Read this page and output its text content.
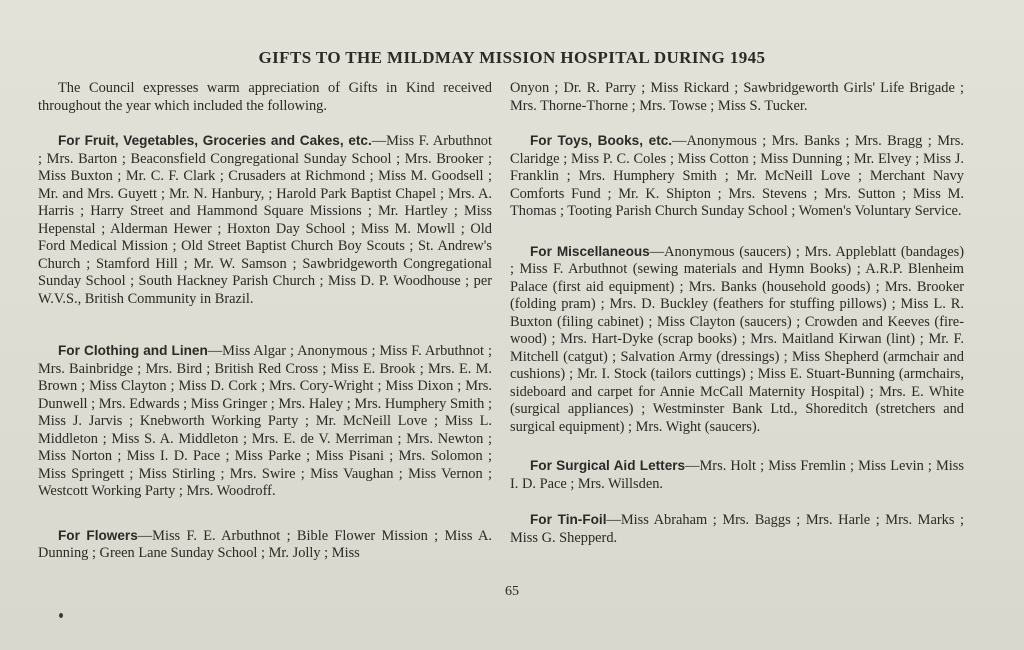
GIFTS TO THE MILDMAY MISSION HOSPITAL DURING 1945

The Council expresses warm appreciation of Gifts in Kind received throughout the year which included the following.

For Fruit, Vegetables, Groceries and Cakes, etc.—Miss F. Arbuthnot ; Mrs. Barton ; Beaconsfield Congregational Sunday School ; Mrs. Brooker ; Miss Buxton ; Mr. C. F. Clark ; Crusaders at Richmond ; Miss M. Goodsell ; Mr. and Mrs. Guyett ; Mr. N. Hanbury, ; Harold Park Baptist Chapel ; Mrs. A. Harris ; Harry Street and Hammond Square Missions ; Mr. Hartley ; Miss Hepenstal ; Alderman Hewer ; Hoxton Day School ; Miss M. Mowll ; Old Ford Medical Mission ; Old Street Baptist Church Boy Scouts ; St. Andrew's Church ; Stamford Hill ; Mr. W. Samson ; Sawbridgeworth Congregational Sunday School ; South Hackney Parish Church ; Miss D. P. Woodhouse ; per W.V.S., British Community in Brazil.

For Clothing and Linen—Miss Algar ; Anonymous ; Miss F. Arbuthnot ; Mrs. Bainbridge ; Mrs. Bird ; British Red Cross ; Miss E. Brook ; Mrs. E. M. Brown ; Miss Clayton ; Miss D. Cork ; Mrs. Cory-Wright ; Miss Dixon ; Mrs. Dunwell ; Mrs. Edwards ; Miss Gringer ; Mrs. Haley ; Mrs. Humphery Smith ; Miss J. Jarvis ; Knebworth Working Party ; Mr. McNeill Love ; Miss L. Middleton ; Miss S. A. Middleton ; Mrs. E. de V. Merriman ; Mrs. Newton ; Miss Norton ; Miss I. D. Pace ; Miss Parke ; Miss Pisani ; Mrs. Solomon ; Miss Springett ; Miss Stirling ; Mrs. Swire ; Miss Vaughan ; Miss Vernon ; Westcott Working Party ; Mrs. Woodroff.

For Flowers—Miss F. E. Arbuthnot ; Bible Flower Mission ; Miss A. Dunning ; Green Lane Sunday School ; Mr. Jolly ; Miss

Onyon ; Dr. R. Parry ; Miss Rickard ; Sawbridgeworth Girls' Life Brigade ; Mrs. Thorne-Thorne ; Mrs. Towse ; Miss S. Tucker.

For Toys, Books, etc.—Anonymous ; Mrs. Banks ; Mrs. Bragg ; Mrs. Claridge ; Miss P. C. Coles ; Miss Cotton ; Miss Dunning ; Mr. Elvey ; Miss J. Franklin ; Mrs. Humphery Smith ; Mr. McNeill Love ; Merchant Navy Comforts Fund ; Mr. K. Shipton ; Mrs. Stevens ; Mrs. Sutton ; Miss M. Thomas ; Tooting Parish Church Sunday School ; Women's Voluntary Service.

For Miscellaneous—Anonymous (saucers) ; Mrs. Appleblatt (bandages) ; Miss F. Arbuthnot (sewing materials and Hymn Books) ; A.R.P. Blenheim Palace (first aid equipment) ; Mrs. Banks (household goods) ; Mrs. Brooker (folding pram) ; Mrs. D. Buckley (feathers for stuffing pillows) ; Miss L. R. Buxton (filing cabinet) ; Miss Clayton (saucers) ; Crowden and Keeves (fire-wood) ; Mrs. Hart-Dyke (scrap books) ; Mrs. Maitland Kirwan (lint) ; Mr. F. Mitchell (catgut) ; Salvation Army (dressings) ; Miss Shepherd (armchair and cushions) ; Mr. I. Stock (tailors cuttings) ; Miss E. Stuart-Bunning (armchairs, sideboard and carpet for Annie McCall Maternity Hospital) ; Mrs. E. White (surgical appliances) ; Westminster Bank Ltd., Shoreditch (stretchers and surgical equipment) ; Mrs. Wight (saucers).

For Surgical Aid Letters—Mrs. Holt ; Miss Fremlin ; Miss Levin ; Miss I. D. Pace ; Mrs. Willsden.

For Tin-Foil—Miss Abraham ; Mrs. Baggs ; Mrs. Harle ; Mrs. Marks ; Miss G. Shepperd.

65
